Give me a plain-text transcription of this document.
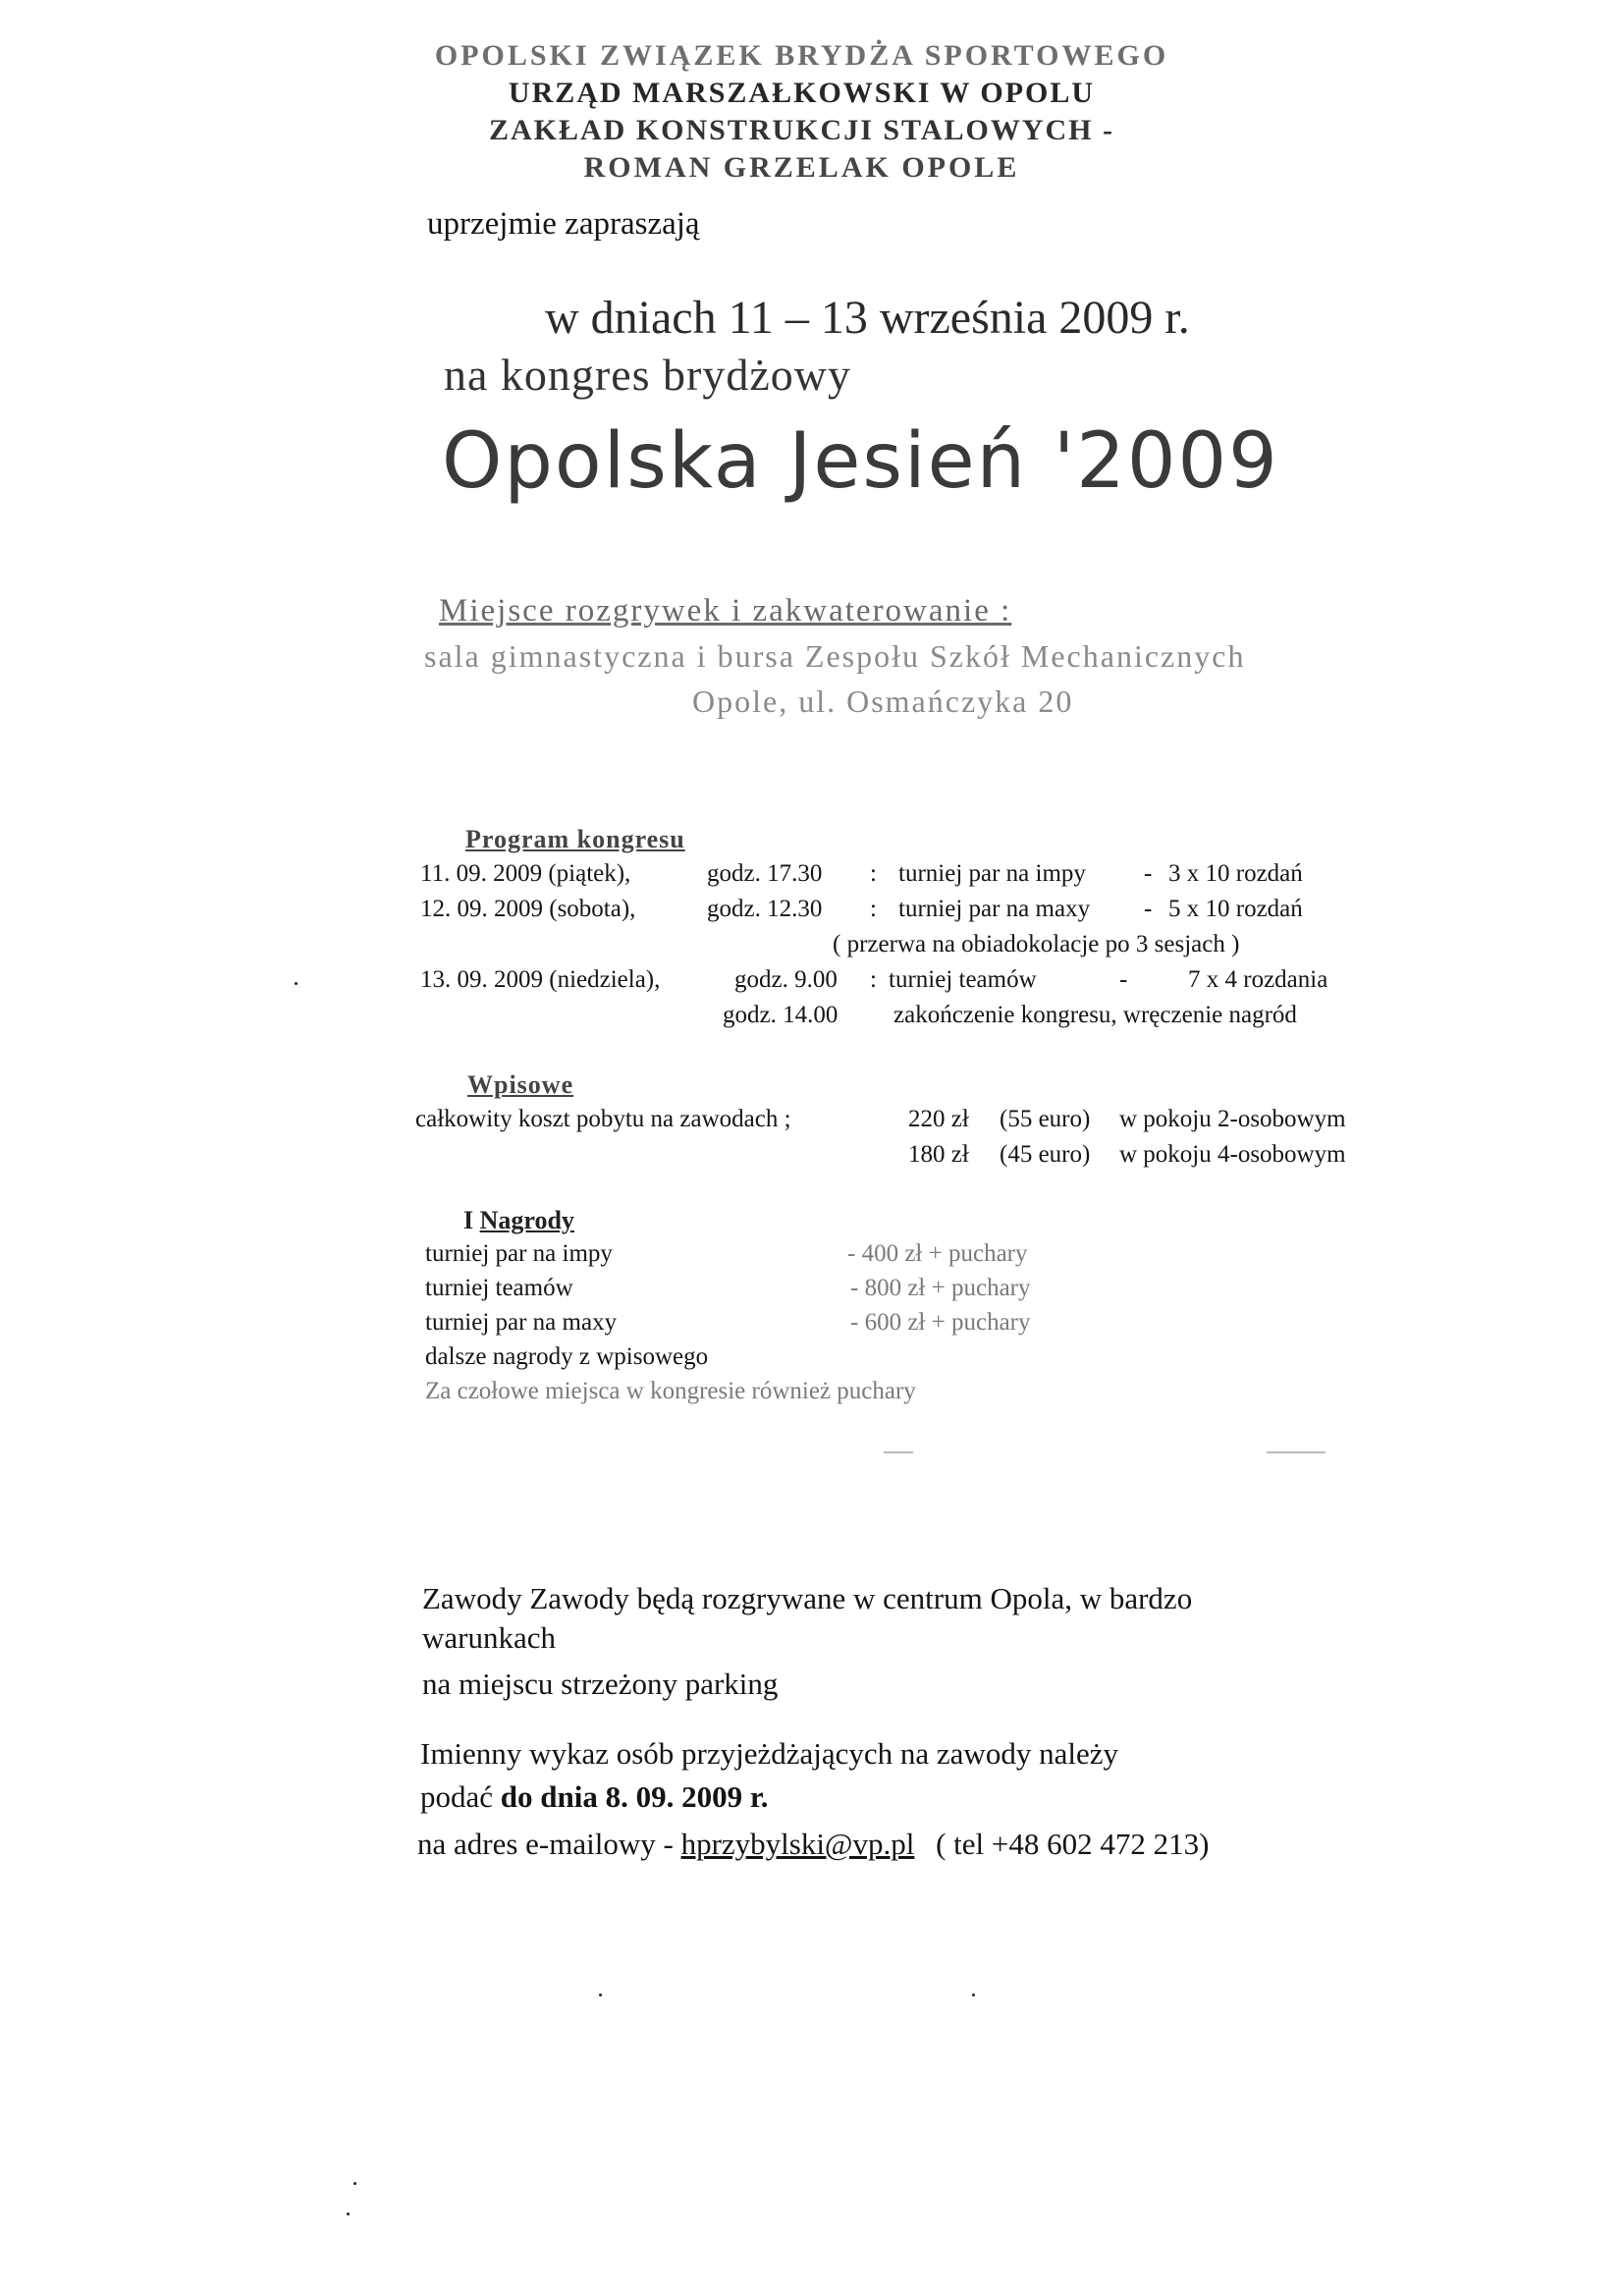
OPOLSKI ZWIĄZEK BRYDŻA SPORTOWEGO
URZĄD MARSZAŁKOWSKI W OPOLU
ZAKŁAD KONSTRUKCJI STALOWYCH -
ROMAN GRZELAK OPOLE
uprzejmie zapraszają
w dniach 11 – 13 września 2009 r.
na kongres brydżowy
Opolska Jesień '2009
Miejsce rozgrywek i zakwaterowanie :
sala gimnastyczna i bursa Zespołu Szkół Mechanicznych
Opole, ul. Osmańczyka 20
Program kongresu
11. 09. 2009 (piątek),	godz. 17.30 : turniej par na impy - 3 x 10 rozdań
12. 09. 2009 (sobota),	godz. 12.30 : turniej par na maxy - 5 x 10 rozdań
( przerwa na obiadokolacje po 3 sesjach )
13. 09. 2009 (niedziela),	godz. 9.00 : turniej teamów	- 7 x 4 rozdania
godz. 14.00 zakończenie kongresu, wręczenie nagród
Wpisowe
całkowity koszt pobytu na zawodach ;	220 zł (55 euro) w pokoju 2-osobowym
180 zł (45 euro) w pokoju 4-osobowym
I Nagrody
turniej par na impy	- 400 zł + puchary
turniej teamów	- 800 zł + puchary
turniej par na maxy	- 600 zł + puchary
dalsze nagrody z wpisowego
Za czołowe miejsca w kongresie również puchary
Zawody Zawody będą rozgrywane w centrum Opola, w bardzo
warunkach
na miejscu strzeżony parking
Imienny wykaz osób przyjeżdżających na zawody należy
podać do dnia 8. 09. 2009 r.
na adres e-mailowy - hprzybylski@vp.pl ( tel +48 602 472 213)
